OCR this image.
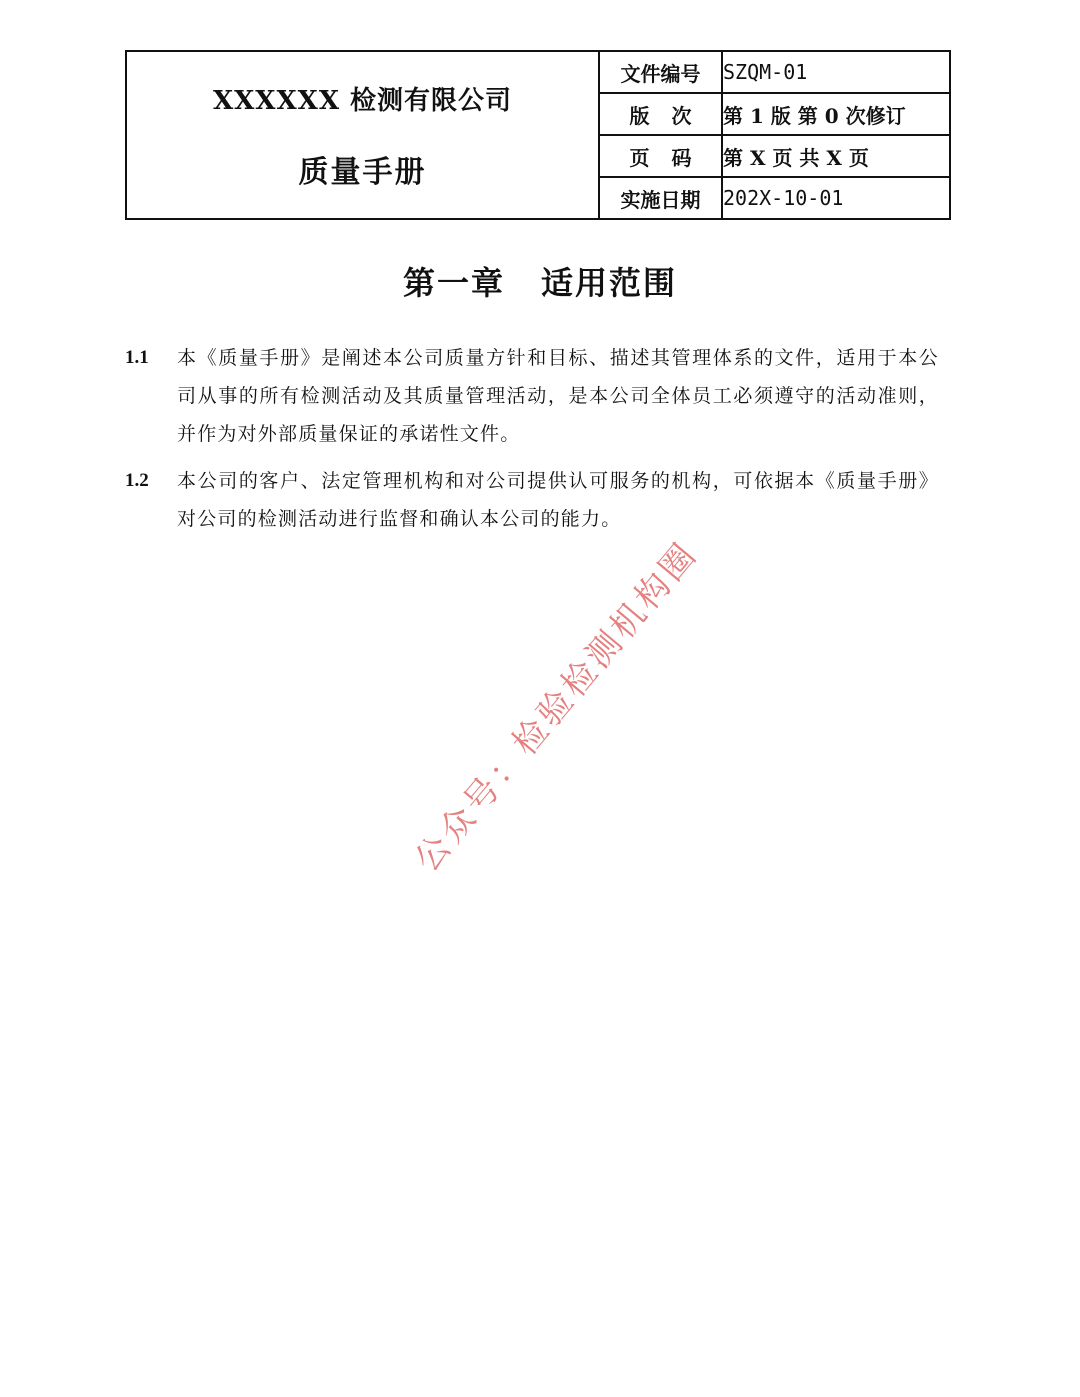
XXXXXX 检测有限公司
质量手册	文件编号	SZQM-01
	版次	第 1 版 第 0 次修订
	页码	第 X 页 共 X 页
	实施日期	202X-10-01
第一章 适用范围
1.1 本《质量手册》是阐述本公司质量方针和目标、描述其管理体系的文件，适用于本公司从事的所有检测活动及其质量管理活动，是本公司全体员工必须遵守的活动准则，并作为对外部质量保证的承诺性文件。
1.2 本公司的客户、法定管理机构和对公司提供认可服务的机构，可依据本《质量手册》对公司的检测活动进行监督和确认本公司的能力。
公众号：检验检测机构圈
